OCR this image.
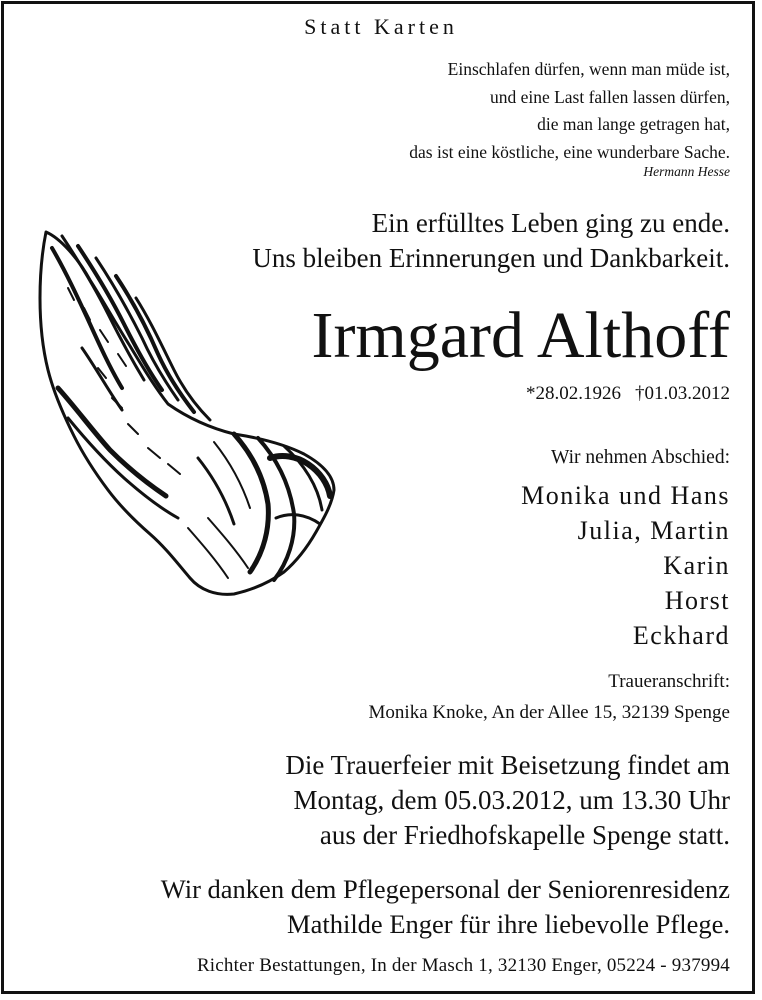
Statt Karten
Einschlafen dürfen, wenn man müde ist,
und eine Last fallen lassen dürfen,
die man lange getragen hat,
das ist eine köstliche, eine wunderbare Sache.
Hermann Hesse
Ein erfülltes Leben ging zu ende.
Uns bleiben Erinnerungen und Dankbarkeit.
Irmgard Althoff
*28.02.1926 †01.03.2012
Wir nehmen Abschied:
Monika und Hans
Julia, Martin
Karin
Horst
Eckhard
Traueranschrift:
Monika Knoke, An der Allee 15, 32139 Spenge
Die Trauerfeier mit Beisetzung findet am
Montag, dem 05.03.2012, um 13.30 Uhr
aus der Friedhofskapelle Spenge statt.
Wir danken dem Pflegepersonal der Seniorenresidenz
Mathilde Enger für ihre liebevolle Pflege.
Richter Bestattungen, In der Masch 1, 32130 Enger, 05224 - 937994
